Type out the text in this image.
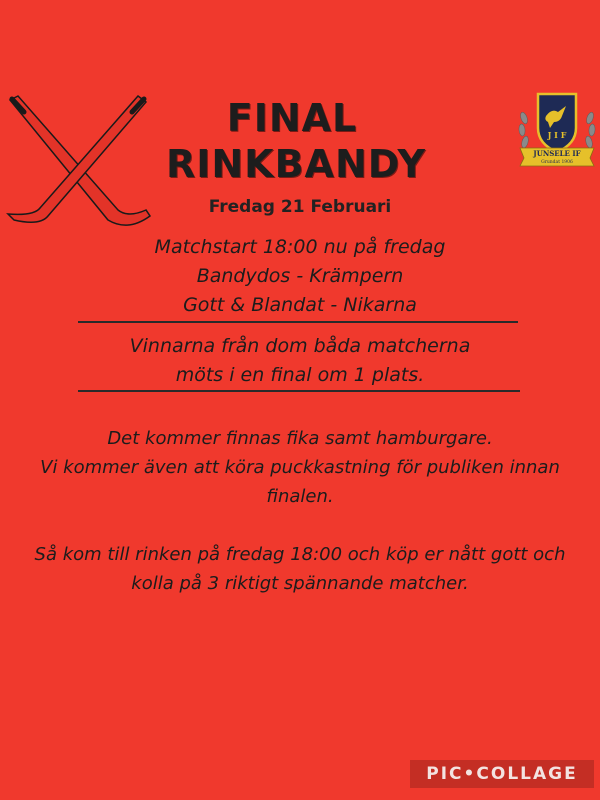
FINAL
RINKBANDY
Fredag 21 Februari
Matchstart 18:00 nu på fredag
Bandydos - Krämpern
Gott & Blandat - Nikarna
Vinnarna från dom båda matcherna
möts i en final om 1 plats.
Det kommer finnas fika samt hamburgare.
Vi kommer även att köra puckkastning för publiken innan
finalen.
Så kom till rinken på fredag 18:00 och köp er nått gott och
kolla på 3 riktigt spännande matcher.
J I F
JUNSELE IF
Grundat 1906
PIC•COLLAGE
